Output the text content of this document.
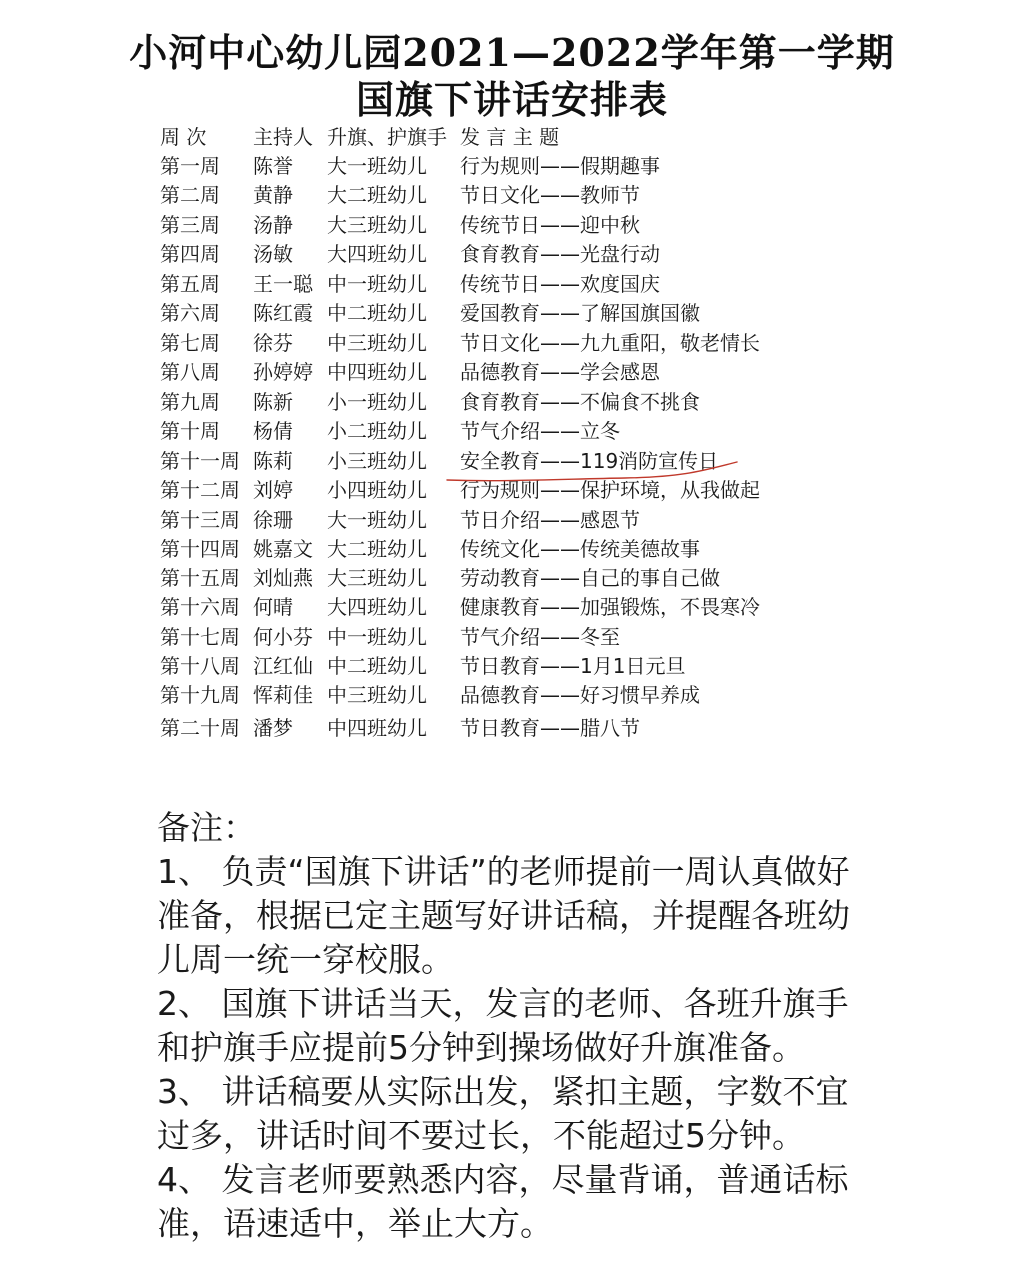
小河中心幼儿园2021—2022学年第一学期
国旗下讲话安排表
周 次 主持人 升旗、护旗手 发 言 主 题
第一周 陈誉 大一班幼儿 行为规则——假期趣事
第二周 黄静 大二班幼儿 节日文化——教师节
第三周 汤静 大三班幼儿 传统节日——迎中秋
第四周 汤敏 大四班幼儿 食育教育——光盘行动
第五周 王一聪 中一班幼儿 传统节日——欢度国庆
第六周 陈红霞 中二班幼儿 爱国教育——了解国旗国徽
第七周 徐芬 中三班幼儿 节日文化——九九重阳，敬老情长
第八周 孙婷婷 中四班幼儿 品德教育——学会感恩
第九周 陈新 小一班幼儿 食育教育——不偏食不挑食
第十周 杨倩 小二班幼儿 节气介绍——立冬
第十一周 陈莉 小三班幼儿 安全教育——119消防宣传日
第十二周 刘婷 小四班幼儿 行为规则——保护环境，从我做起
第十三周 徐珊 大一班幼儿 节日介绍——感恩节
第十四周 姚嘉文 大二班幼儿 传统文化——传统美德故事
第十五周 刘灿燕 大三班幼儿 劳动教育——自己的事自己做
第十六周 何晴 大四班幼儿 健康教育——加强锻炼，不畏寒冷
第十七周 何小芬 中一班幼儿 节气介绍——冬至
第十八周 江红仙 中二班幼儿 节日教育——1月1日元旦
第十九周 恽莉佳 中三班幼儿 品德教育——好习惯早养成
第二十周 潘梦 中四班幼儿 节日教育——腊八节

备注：

1、 负责“国旗下讲话”的老师提前一周认真做好准备，根据已定主题写好讲话稿，并提醒各班幼儿周一统一穿校服。

2、 国旗下讲话当天，发言的老师、各班升旗手和护旗手应提前5分钟到操场做好升旗准备。

3、 讲话稿要从实际出发，紧扣主题，字数不宜过多，讲话时间不要过长，不能超过5分钟。

4、 发言老师要熟悉内容，尽量背诵，普通话标准，语速适中，举止大方。
